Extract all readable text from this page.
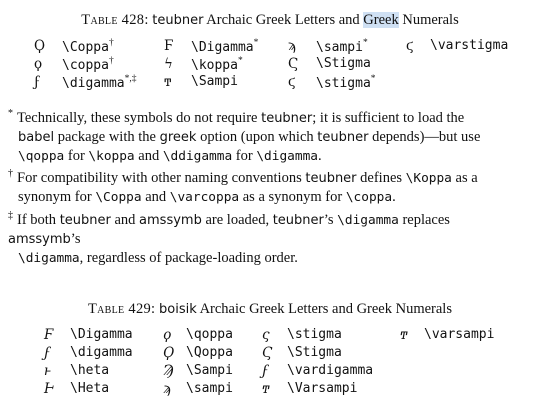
Table 428: teubner Archaic Greek Letters and Greek Numerals
Ϙ \Coppa†
ϙ \coppa†
ϝ \digamma*,‡
Ϝ \Digamma*
ϟ \koppa*
ͳ \Sampi
ϡ \sampi*
Ϛ \Stigma
ϛ \stigma*
ϛ \varstigma
* Technically, these symbols do not require teubner; it is sufficient to load the
babel package with the greek option (upon which teubner depends)—but use
\qoppa for \koppa and \ddigamma for \digamma.
† For compatibility with other naming conventions teubner defines \Koppa as a
synonym for \Coppa and \varcoppa as a synonym for \coppa.
‡ If both teubner and amssymb are loaded, teubner’s \digamma replaces amssymb’s
\digamma, regardless of package-loading order.
Table 429: boisik Archaic Greek Letters and Greek Numerals
Ϝ \Digamma
ϝ \digamma
ͱ \heta
Ͱ \Heta
ϙ \qoppa
Ϙ \Qoppa
Ϡ \Sampi
ϡ \sampi
ς \stigma
Ϛ \Stigma
ϝ \vardigamma
ͳ \Varsampi
ͳ \varsampi
